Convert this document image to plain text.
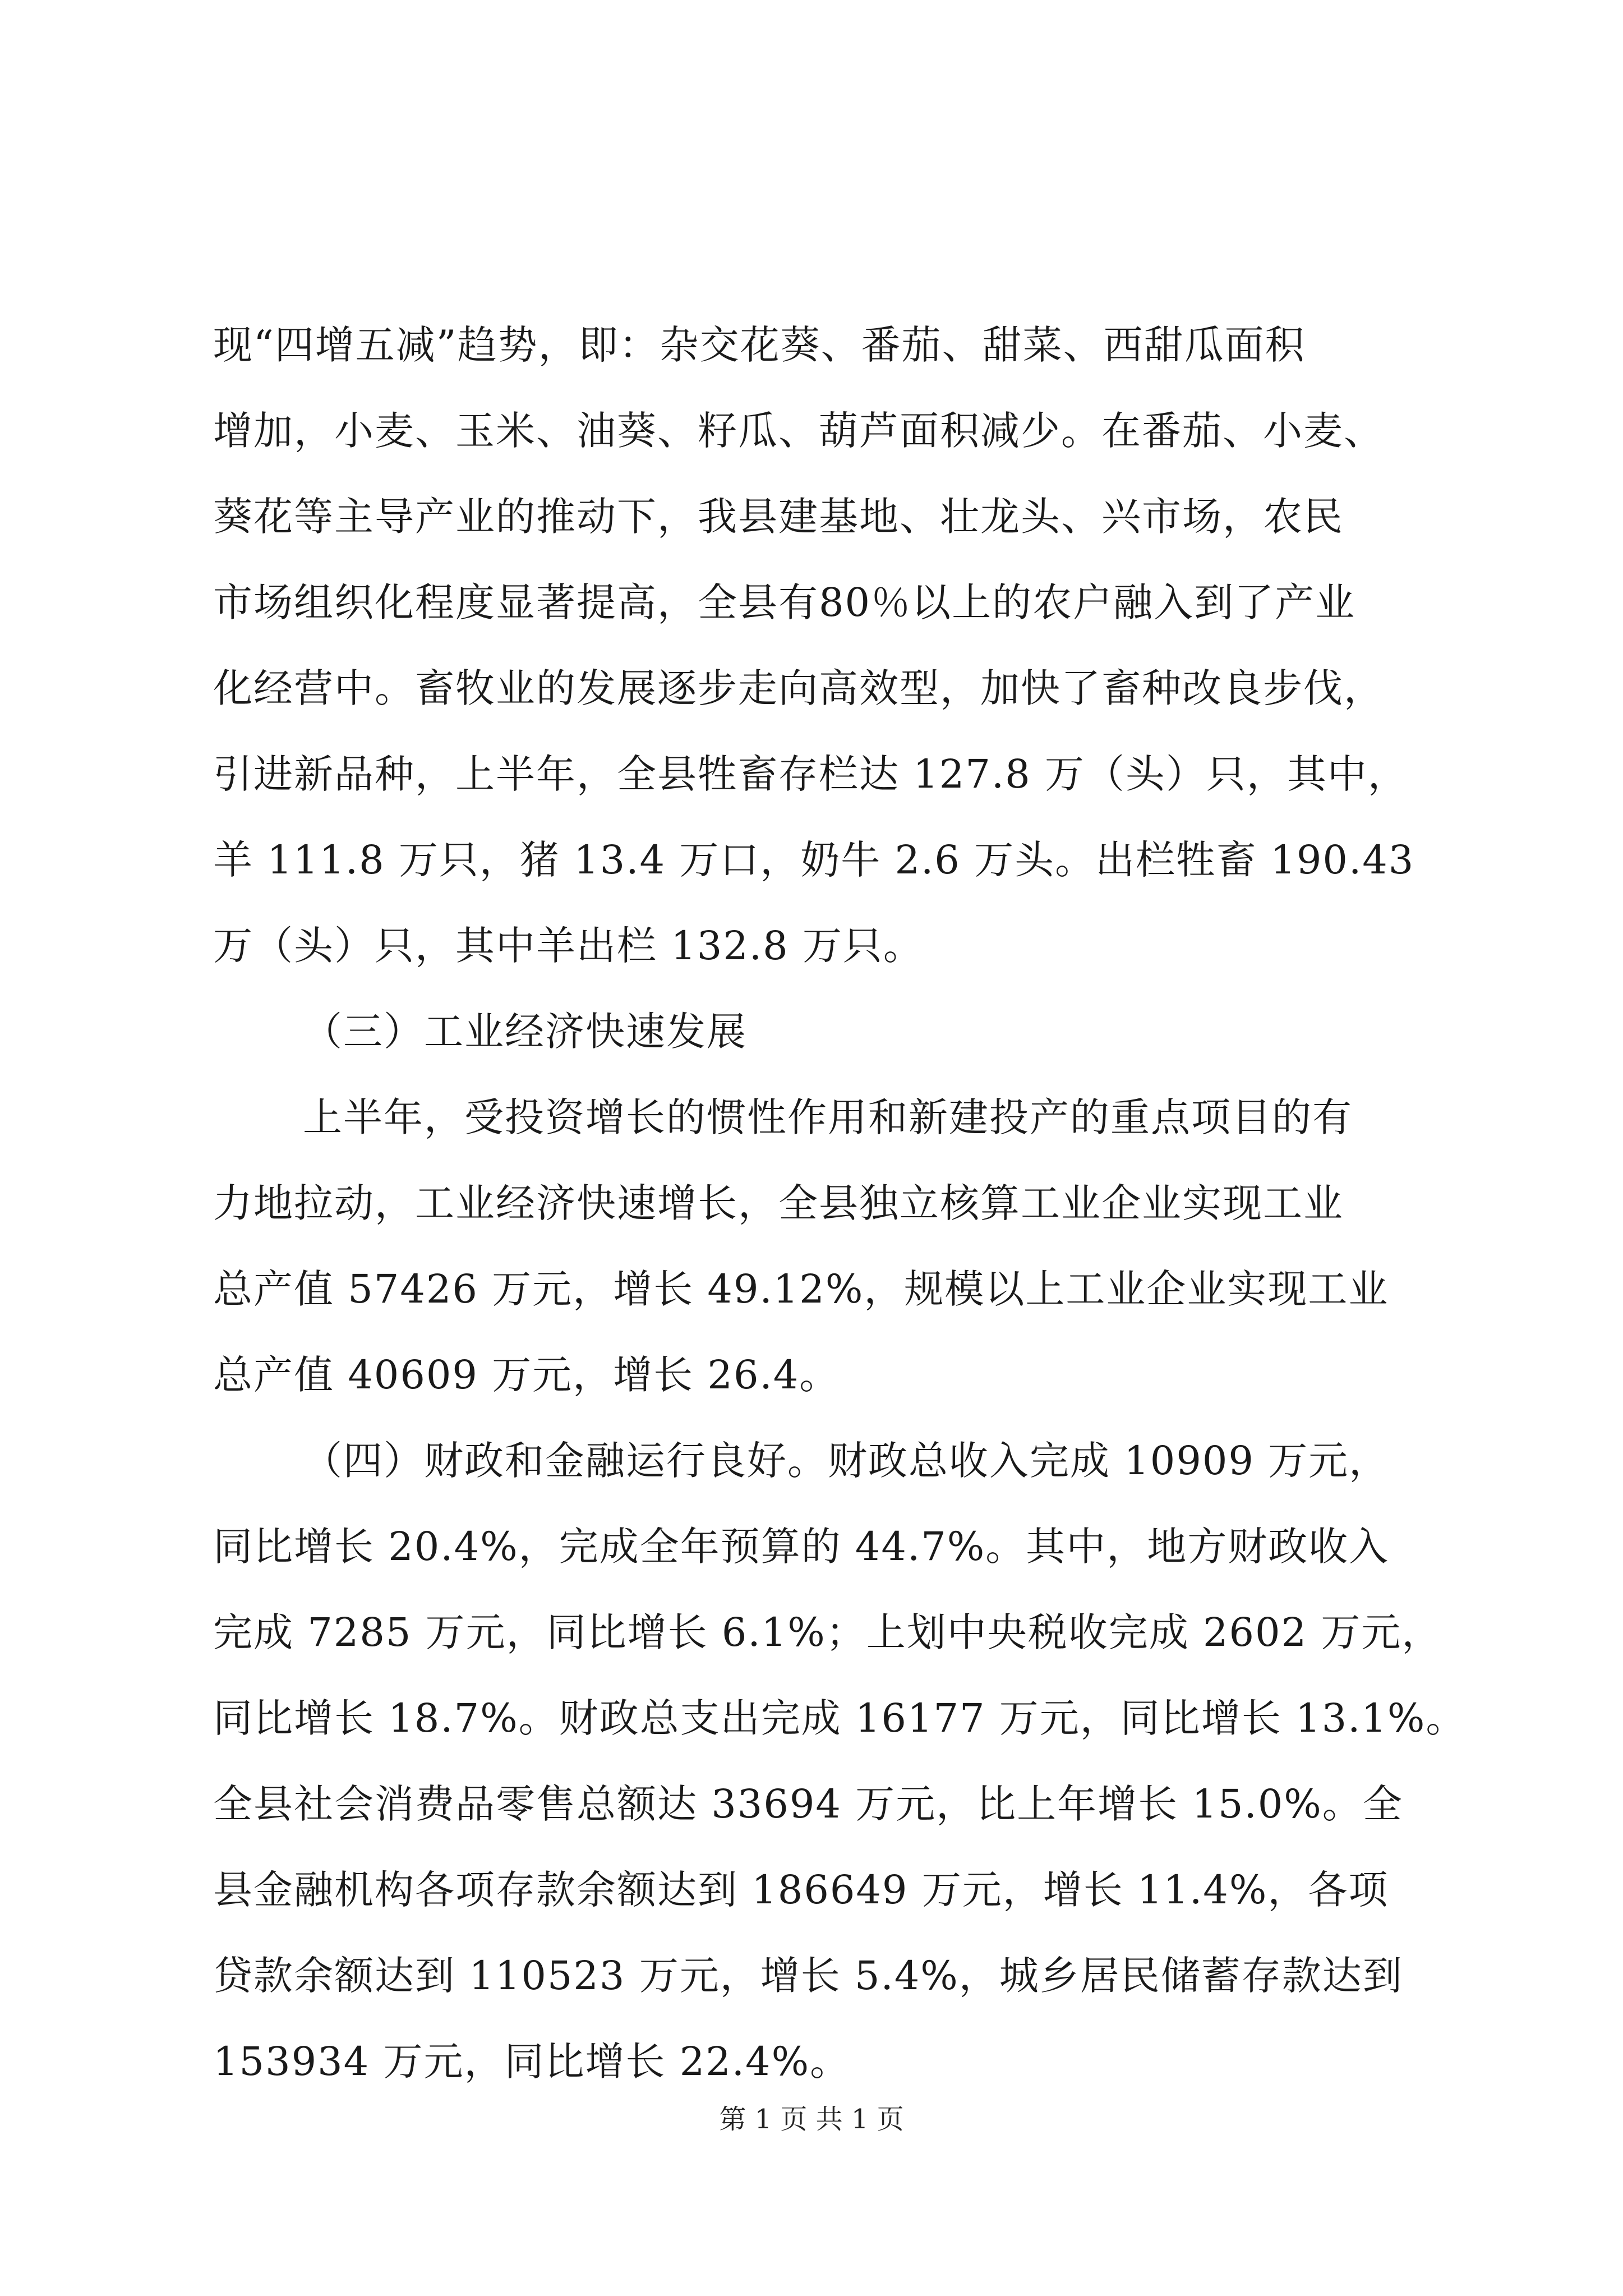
现“四增五减”趋势，即：杂交花葵、番茄、甜菜、西甜瓜面积
增加，小麦、玉米、油葵、籽瓜、葫芦面积减少。在番茄、小麦、
葵花等主导产业的推动下，我县建基地、壮龙头、兴市场，农民
市场组织化程度显著提高，全县有80％以上的农户融入到了产业
化经营中。畜牧业的发展逐步走向高效型，加快了畜种改良步伐，
引进新品种，上半年，全县牲畜存栏达 127.8 万（头）只，其中，
羊 111.8 万只，猪 13.4 万口，奶牛 2.6 万头。出栏牲畜 190.43
万（头）只，其中羊出栏 132.8 万只。
（三）工业经济快速发展
上半年，受投资增长的惯性作用和新建投产的重点项目的有
力地拉动，工业经济快速增长，全县独立核算工业企业实现工业
总产值 57426 万元，增长 49.12%，规模以上工业企业实现工业
总产值 40609 万元，增长 26.4。
（四）财政和金融运行良好。财政总收入完成 10909 万元，
同比增长 20.4%，完成全年预算的 44.7%。其中，地方财政收入
完成 7285 万元，同比增长 6.1%；上划中央税收完成 2602 万元，
同比增长 18.7%。财政总支出完成 16177 万元，同比增长 13.1%。
全县社会消费品零售总额达 33694 万元，比上年增长 15.0%。全
县金融机构各项存款余额达到 186649 万元，增长 11.4%，各项
贷款余额达到 110523 万元，增长 5.4%，城乡居民储蓄存款达到
153934 万元，同比增长 22.4%。
第 1 页 共 1 页
